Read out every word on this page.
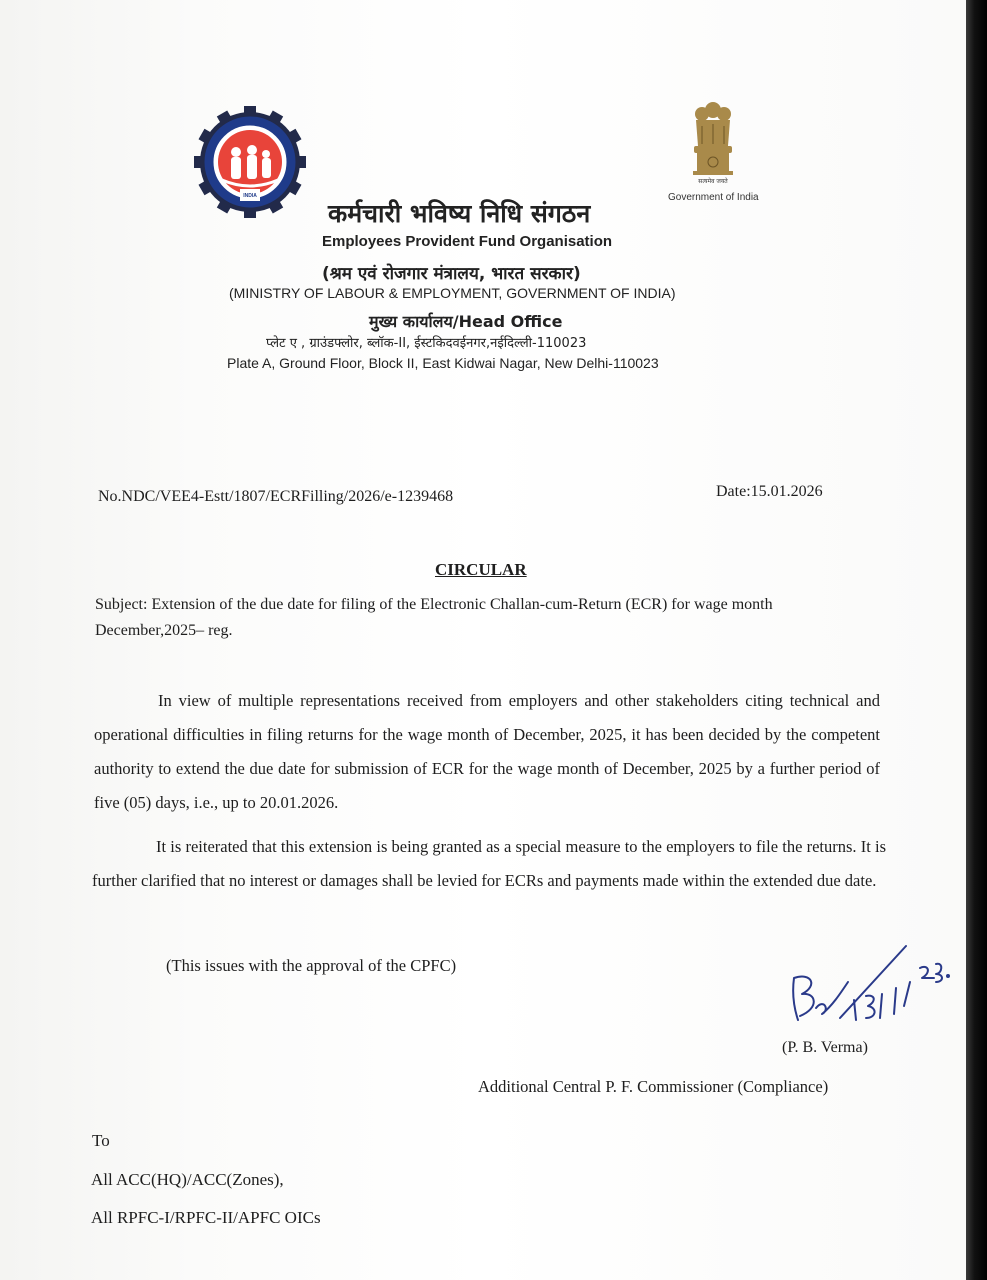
INDIA
सत्यमेव जयते
Government of India
कर्मचारी भविष्य निधि संगठन
Employees Provident Fund Organisation
(श्रम एवं रोजगार मंत्रालय, भारत सरकार)
(MINISTRY OF LABOUR & EMPLOYMENT, GOVERNMENT OF INDIA)
मुख्य कार्यालय/Head Office
प्लेट ए , ग्राउंडफ्लोर, ब्लॉक-II, ईस्टकिदवईनगर,नईदिल्ली-110023
Plate A, Ground Floor, Block II, East Kidwai Nagar, New Delhi-110023
No.NDC/VEE4-Estt/1807/ECRFilling/2026/e-1239468	Date:15.01.2026
CIRCULAR
Subject: Extension of the due date for filing of the Electronic Challan-cum-Return (ECR) for wage month December,2025– reg.
In view of multiple representations received from employers and other stakeholders citing technical and operational difficulties in filing returns for the wage month of December, 2025, it has been decided by the competent authority to extend the due date for submission of ECR for the wage month of December, 2025 by a further period of five (05) days, i.e., up to 20.01.2026.
It is reiterated that this extension is being granted as a special measure to the employers to file the returns. It is further clarified that no interest or damages shall be levied for ECRs and payments made within the extended due date.
(This issues with the approval of the CPFC)
(P. B. Verma)
Additional Central P. F. Commissioner (Compliance)
To
All ACC(HQ)/ACC(Zones),
All RPFC-I/RPFC-II/APFC OICs
